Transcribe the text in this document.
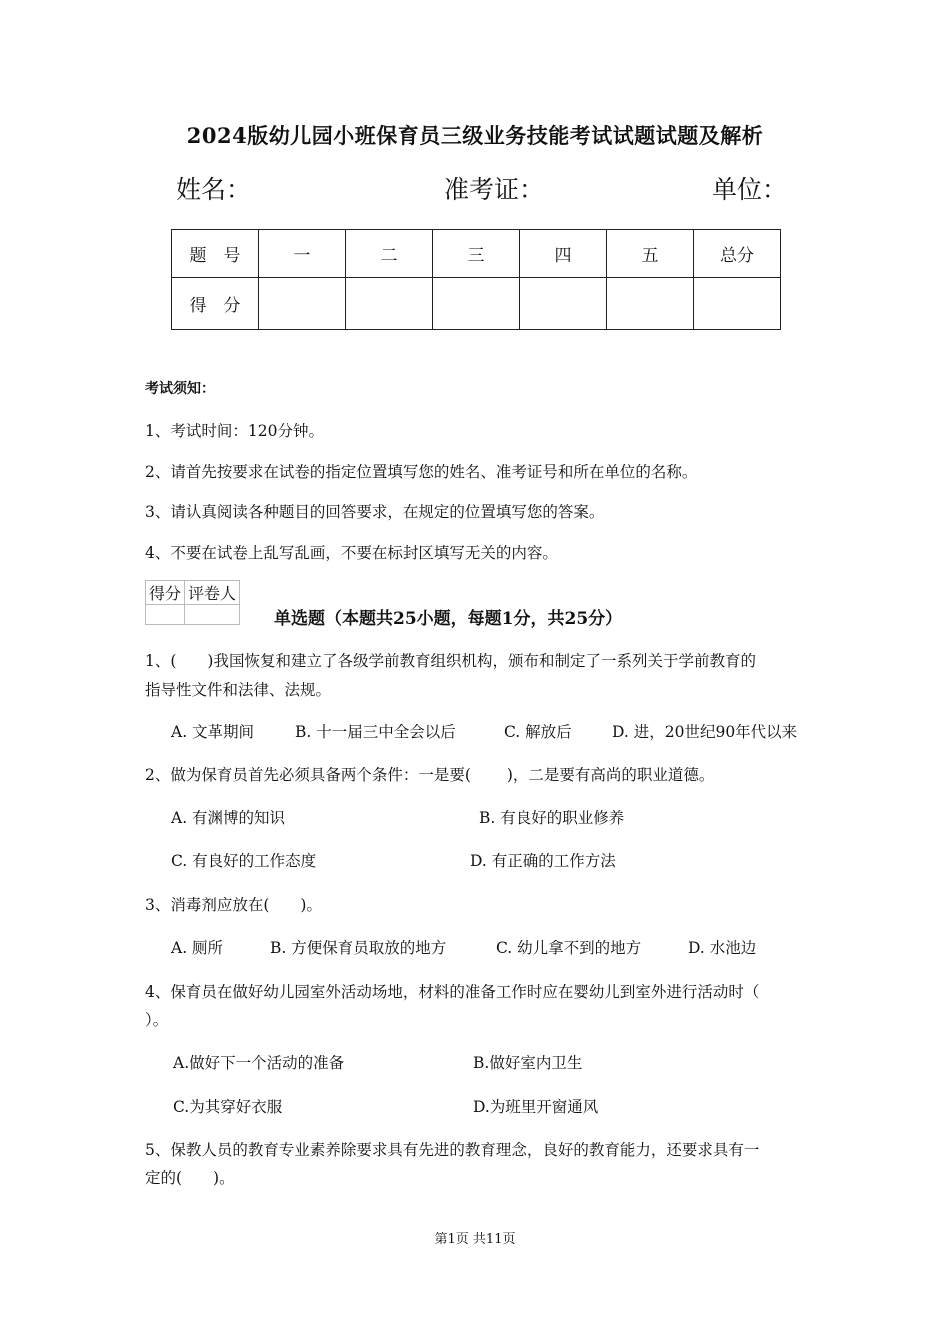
2024版幼儿园小班保育员三级业务技能考试试题试题及解析
姓名：	准考证：	单位：
题　号	一	二	三	四	五	总分
得　分						
考试须知：
1、考试时间：120分钟。
2、请首先按要求在试卷的指定位置填写您的姓名、准考证号和所在单位的名称。
3、请认真阅读各种题目的回答要求，在规定的位置填写您的答案。
4、不要在试卷上乱写乱画，不要在标封区填写无关的内容。
得分	评卷人

单选题（本题共25小题，每题1分，共25分）
1、(　　)我国恢复和建立了各级学前教育组织机构，颁布和制定了一系列关于学前教育的
指导性文件和法律、法规。
A. 文革期间	B. 十一届三中全会以后	C. 解放后	D. 进，20世纪90年代以来
2、做为保育员首先必须具备两个条件：一是要(　　 )，二是要有高尚的职业道德。
A. 有渊博的知识	B. 有良好的职业修养
C. 有良好的工作态度	D. 有正确的工作方法
3、消毒剂应放在(　　)。
A. 厕所	B. 方便保育员取放的地方	C. 幼儿拿不到的地方	D. 水池边
4、保育员在做好幼儿园室外活动场地，材料的准备工作时应在婴幼儿到室外进行活动时（
）。
A.做好下一个活动的准备	B.做好室内卫生
C.为其穿好衣服	D.为班里开窗通风
5、保教人员的教育专业素养除要求具有先进的教育理念，良好的教育能力，还要求具有一
定的(　　)。
第1页 共11页
